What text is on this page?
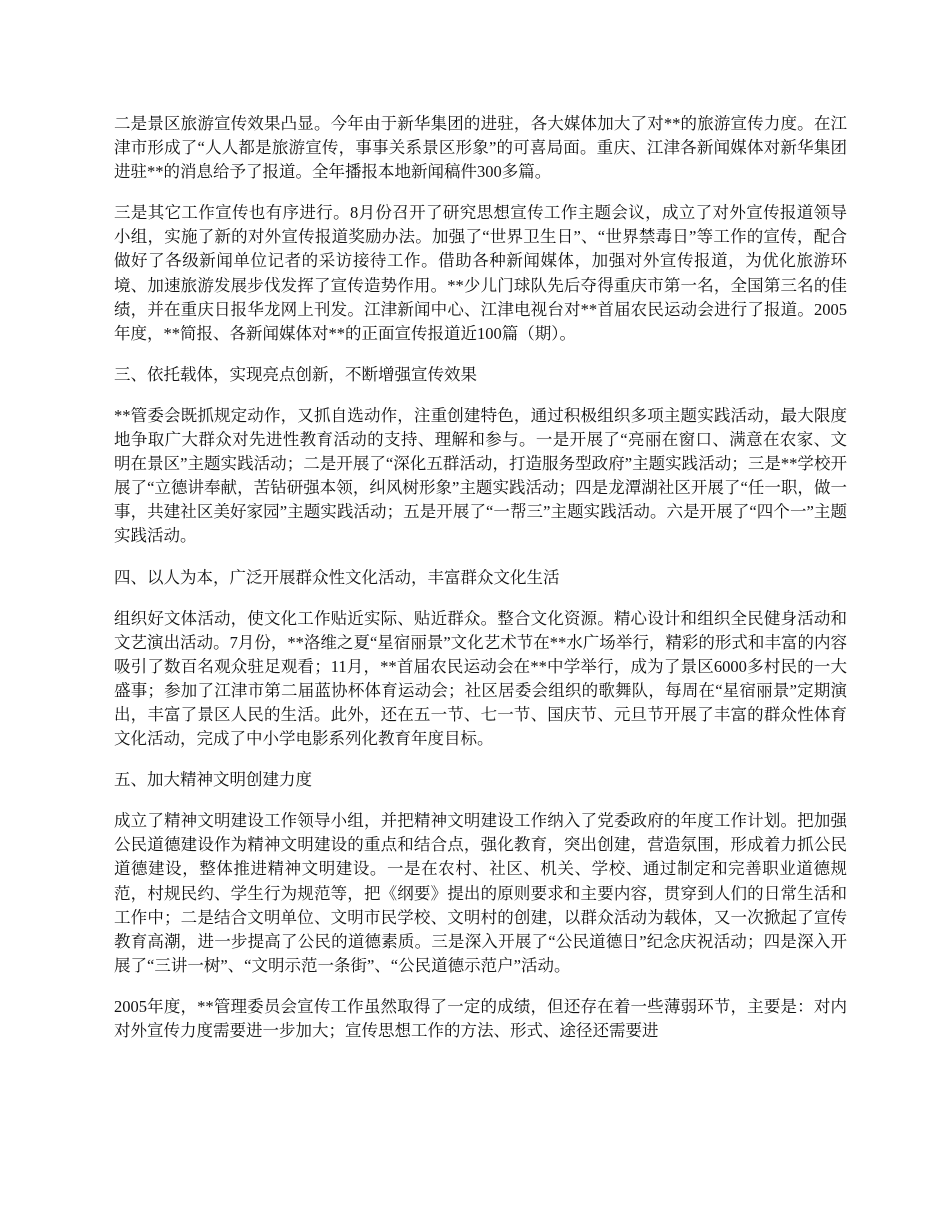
二是景区旅游宣传效果凸显。今年由于新华集团的进驻，各大媒体加大了对**的旅游宣传力度。在江津市形成了“人人都是旅游宣传，事事关系景区形象”的可喜局面。重庆、江津各新闻媒体对新华集团进驻**的消息给予了报道。全年播报本地新闻稿件300多篇。

三是其它工作宣传也有序进行。8月份召开了研究思想宣传工作主题会议，成立了对外宣传报道领导小组，实施了新的对外宣传报道奖励办法。加强了“世界卫生日”、“世界禁毒日”等工作的宣传，配合做好了各级新闻单位记者的采访接待工作。借助各种新闻媒体，加强对外宣传报道，为优化旅游环境、加速旅游发展步伐发挥了宣传造势作用。**少儿门球队先后夺得重庆市第一名，全国第三名的佳绩，并在重庆日报华龙网上刊发。江津新闻中心、江津电视台对**首届农民运动会进行了报道。2005年度，**简报、各新闻媒体对**的正面宣传报道近100篇（期）。

三、依托载体，实现亮点创新，不断增强宣传效果

**管委会既抓规定动作，又抓自选动作，注重创建特色，通过积极组织多项主题实践活动，最大限度地争取广大群众对先进性教育活动的支持、理解和参与。一是开展了“亮丽在窗口、满意在农家、文明在景区”主题实践活动；二是开展了“深化五群活动，打造服务型政府”主题实践活动；三是**学校开展了“立德讲奉献，苦钻研强本领，纠风树形象”主题实践活动；四是龙潭湖社区开展了“任一职，做一事，共建社区美好家园”主题实践活动；五是开展了“一帮三”主题实践活动。六是开展了“四个一”主题实践活动。

四、以人为本，广泛开展群众性文化活动，丰富群众文化生活

组织好文体活动，使文化工作贴近实际、贴近群众。整合文化资源。精心设计和组织全民健身活动和文艺演出活动。7月份，**洛维之夏“星宿丽景”文化艺术节在**水广场举行，精彩的形式和丰富的内容吸引了数百名观众驻足观看；11月，**首届农民运动会在**中学举行，成为了景区6000多村民的一大盛事；参加了江津市第二届蓝协杯体育运动会；社区居委会组织的歌舞队，每周在“星宿丽景”定期演出，丰富了景区人民的生活。此外，还在五一节、七一节、国庆节、元旦节开展了丰富的群众性体育文化活动，完成了中小学电影系列化教育年度目标。

五、加大精神文明创建力度

成立了精神文明建设工作领导小组，并把精神文明建设工作纳入了党委政府的年度工作计划。把加强公民道德建设作为精神文明建设的重点和结合点，强化教育，突出创建，营造氛围，形成着力抓公民道德建设，整体推进精神文明建设。一是在农村、社区、机关、学校、通过制定和完善职业道德规范，村规民约、学生行为规范等，把《纲要》提出的原则要求和主要内容，贯穿到人们的日常生活和工作中；二是结合文明单位、文明市民学校、文明村的创建，以群众活动为载体，又一次掀起了宣传教育高潮，进一步提高了公民的道德素质。三是深入开展了“公民道德日”纪念庆祝活动；四是深入开展了“三讲一树”、“文明示范一条街”、“公民道德示范户”活动。

2005年度，**管理委员会宣传工作虽然取得了一定的成绩，但还存在着一些薄弱环节，主要是：对内对外宣传力度需要进一步加大；宣传思想工作的方法、形式、途径还需要进
